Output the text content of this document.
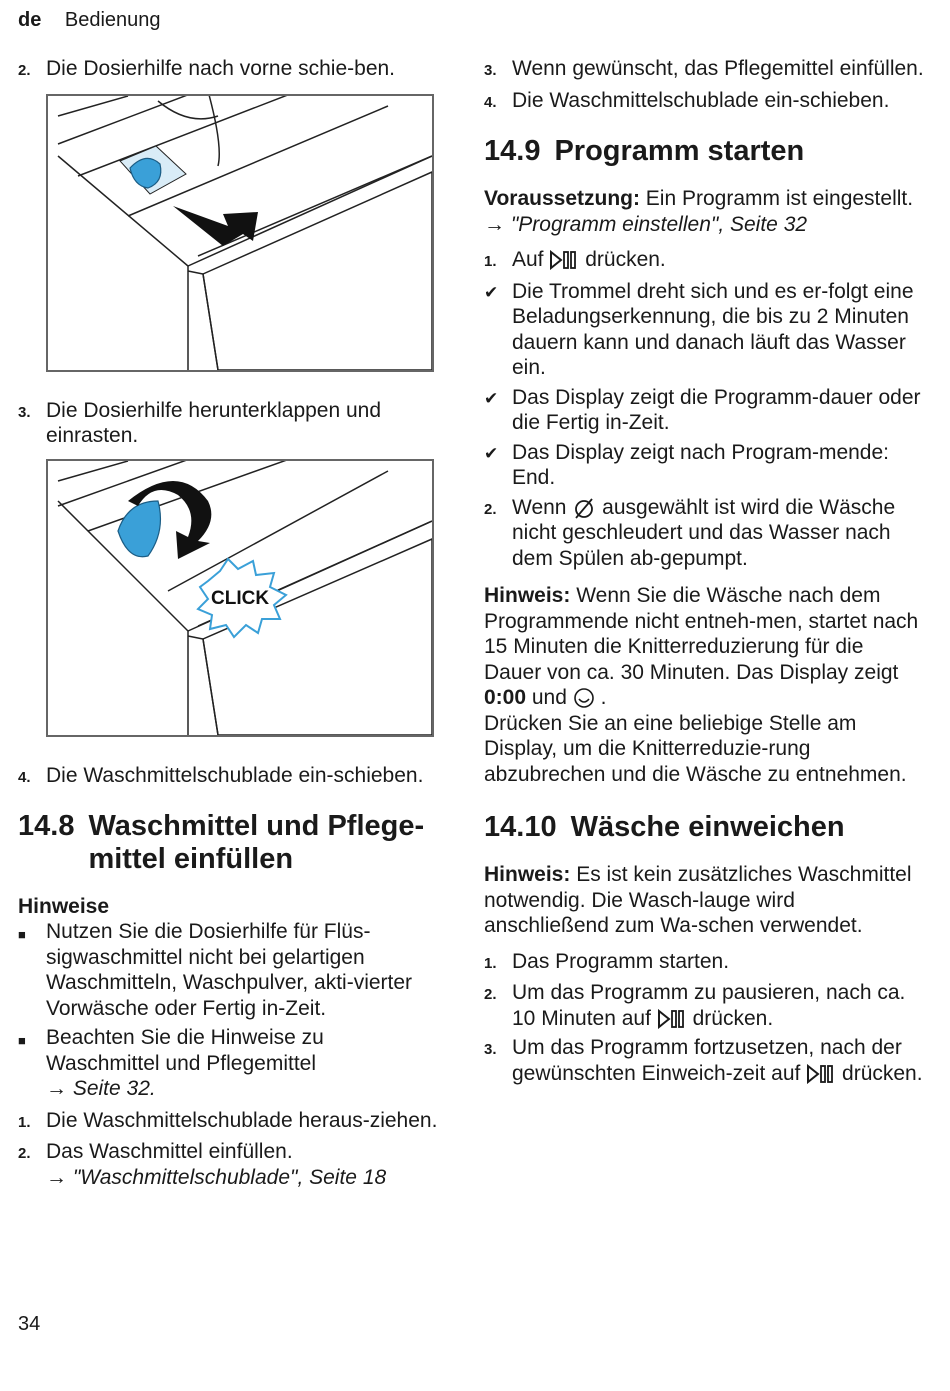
de Bedienung
2. Die Dosierhilfe nach vorne schie-ben.
3. Die Dosierhilfe herunterklappen und einrasten.
CLICK
4. Die Waschmittelschublade ein-schieben.
14.8 Waschmittel und Pflege-mittel einfüllen
Hinweise
■ Nutzen Sie die Dosierhilfe für Flüs-sigwaschmittel nicht bei gelartigen Waschmitteln, Waschpulver, akti-vierter Vorwäsche oder Fertig in-Zeit.
■ Beachten Sie die Hinweise zu Waschmittel und Pflegemittel
→ Seite 32.
1. Die Waschmittelschublade heraus-ziehen.
2. Das Waschmittel einfüllen.
→ "Waschmittelschublade", Seite 18
3. Wenn gewünscht, das Pflegemittel einfüllen.
4. Die Waschmittelschublade ein-schieben.
14.9 Programm starten

Voraussetzung: Ein Programm ist eingestellt.
→ "Programm einstellen", Seite 32

1. Auf drücken.
✔ Die Trommel dreht sich und es er-folgt eine Beladungserkennung, die bis zu 2 Minuten dauern kann und danach läuft das Wasser ein.
✔ Das Display zeigt die Programm-dauer oder die Fertig in-Zeit.
✔ Das Display zeigt nach Program-mende: End.
2. Wenn ausgewählt ist wird die Wäsche nicht geschleudert und das Wasser nach dem Spülen ab-gepumpt.

Hinweis: Wenn Sie die Wäsche nach dem Programmende nicht entneh-men, startet nach 15 Minuten die Knitterreduzierung für die Dauer von ca. 30 Minuten. Das Display zeigt 0:00 und  .
Drücken Sie an eine beliebige Stelle am Display, um die Knitterreduzie-rung abzubrechen und die Wäsche zu entnehmen.

14.10 Wäsche einweichen

Hinweis: Es ist kein zusätzliches Waschmittel notwendig. Die Wasch-lauge wird anschließend zum Wa-schen verwendet.

1. Das Programm starten.
2. Um das Programm zu pausieren, nach ca. 10 Minuten auf drücken.
3. Um das Programm fortzusetzen, nach der gewünschten Einweich-zeit auf drücken.
34
